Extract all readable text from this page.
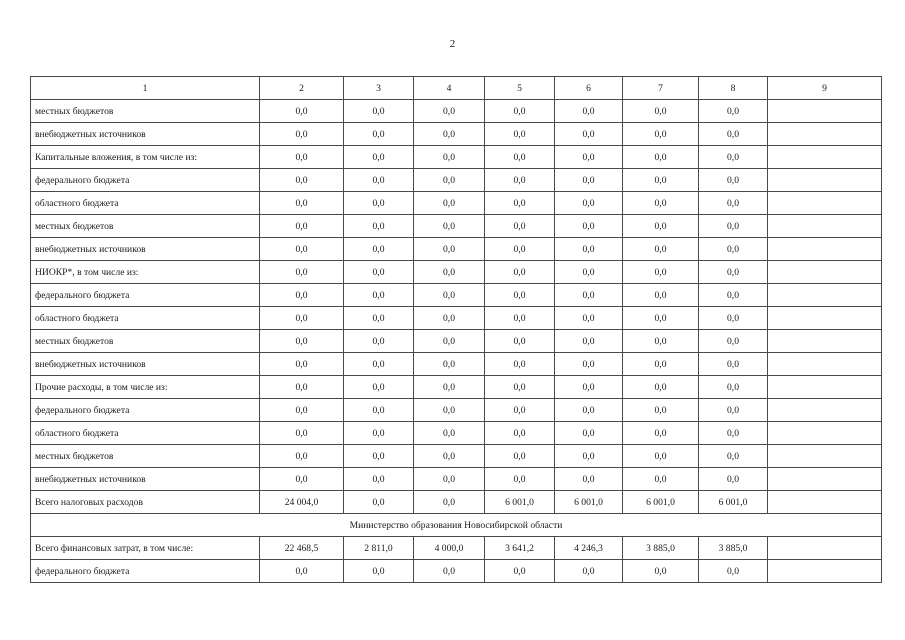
2
1	2	3	4	5	6	7	8	9
местных бюджетов	0,0	0,0	0,0	0,0	0,0	0,0	0,0	
внебюджетных источников	0,0	0,0	0,0	0,0	0,0	0,0	0,0	
Капитальные вложения, в том числе из:	0,0	0,0	0,0	0,0	0,0	0,0	0,0	
федерального бюджета	0,0	0,0	0,0	0,0	0,0	0,0	0,0	
областного бюджета	0,0	0,0	0,0	0,0	0,0	0,0	0,0	
местных бюджетов	0,0	0,0	0,0	0,0	0,0	0,0	0,0	
внебюджетных источников	0,0	0,0	0,0	0,0	0,0	0,0	0,0	
НИОКР*, в том числе из:	0,0	0,0	0,0	0,0	0,0	0,0	0,0	
федерального бюджета	0,0	0,0	0,0	0,0	0,0	0,0	0,0	
областного бюджета	0,0	0,0	0,0	0,0	0,0	0,0	0,0	
местных бюджетов	0,0	0,0	0,0	0,0	0,0	0,0	0,0	
внебюджетных источников	0,0	0,0	0,0	0,0	0,0	0,0	0,0	
Прочие расходы, в том числе из:	0,0	0,0	0,0	0,0	0,0	0,0	0,0	
федерального бюджета	0,0	0,0	0,0	0,0	0,0	0,0	0,0	
областного бюджета	0,0	0,0	0,0	0,0	0,0	0,0	0,0	
местных бюджетов	0,0	0,0	0,0	0,0	0,0	0,0	0,0	
внебюджетных источников	0,0	0,0	0,0	0,0	0,0	0,0	0,0	
Всего налоговых расходов	24 004,0	0,0	0,0	6 001,0	6 001,0	6 001,0	6 001,0	
Министерство образования Новосибирской области								
Всего финансовых затрат, в том числе:	22 468,5	2 811,0	4 000,0	3 641,2	4 246,3	3 885,0	3 885,0	
федерального бюджета	0,0	0,0	0,0	0,0	0,0	0,0	0,0	
